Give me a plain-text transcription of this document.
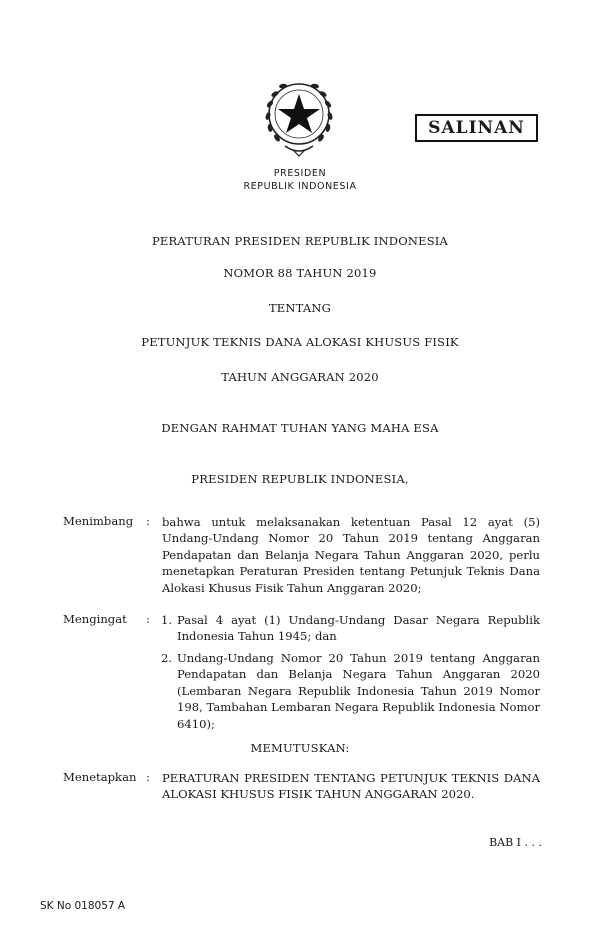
SALINAN
PRESIDEN
REPUBLIK INDONESIA
PERATURAN PRESIDEN REPUBLIK INDONESIA
NOMOR 88 TAHUN 2019
TENTANG
PETUNJUK TEKNIS DANA ALOKASI KHUSUS FISIK
TAHUN ANGGARAN 2020
DENGAN RAHMAT TUHAN YANG MAHA ESA
PRESIDEN REPUBLIK INDONESIA,
Menimbang : bahwa untuk melaksanakan ketentuan Pasal 12 ayat (5) Undang-Undang Nomor 20 Tahun 2019 tentang Anggaran Pendapatan dan Belanja Negara Tahun Anggaran 2020, perlu menetapkan Peraturan Presiden tentang Petunjuk Teknis Dana Alokasi Khusus Fisik Tahun Anggaran 2020;
Mengingat : 1. Pasal 4 ayat (1) Undang-Undang Dasar Negara Republik Indonesia Tahun 1945; dan
2. Undang-Undang Nomor 20 Tahun 2019 tentang Anggaran Pendapatan dan Belanja Negara Tahun Anggaran 2020 (Lembaran Negara Republik Indonesia Tahun 2019 Nomor 198, Tambahan Lembaran Negara Republik Indonesia Nomor 6410);
MEMUTUSKAN:
Menetapkan : PERATURAN PRESIDEN TENTANG PETUNJUK TEKNIS DANA ALOKASI KHUSUS FISIK TAHUN ANGGARAN 2020.
BAB I . . .
SK No 018057 A
